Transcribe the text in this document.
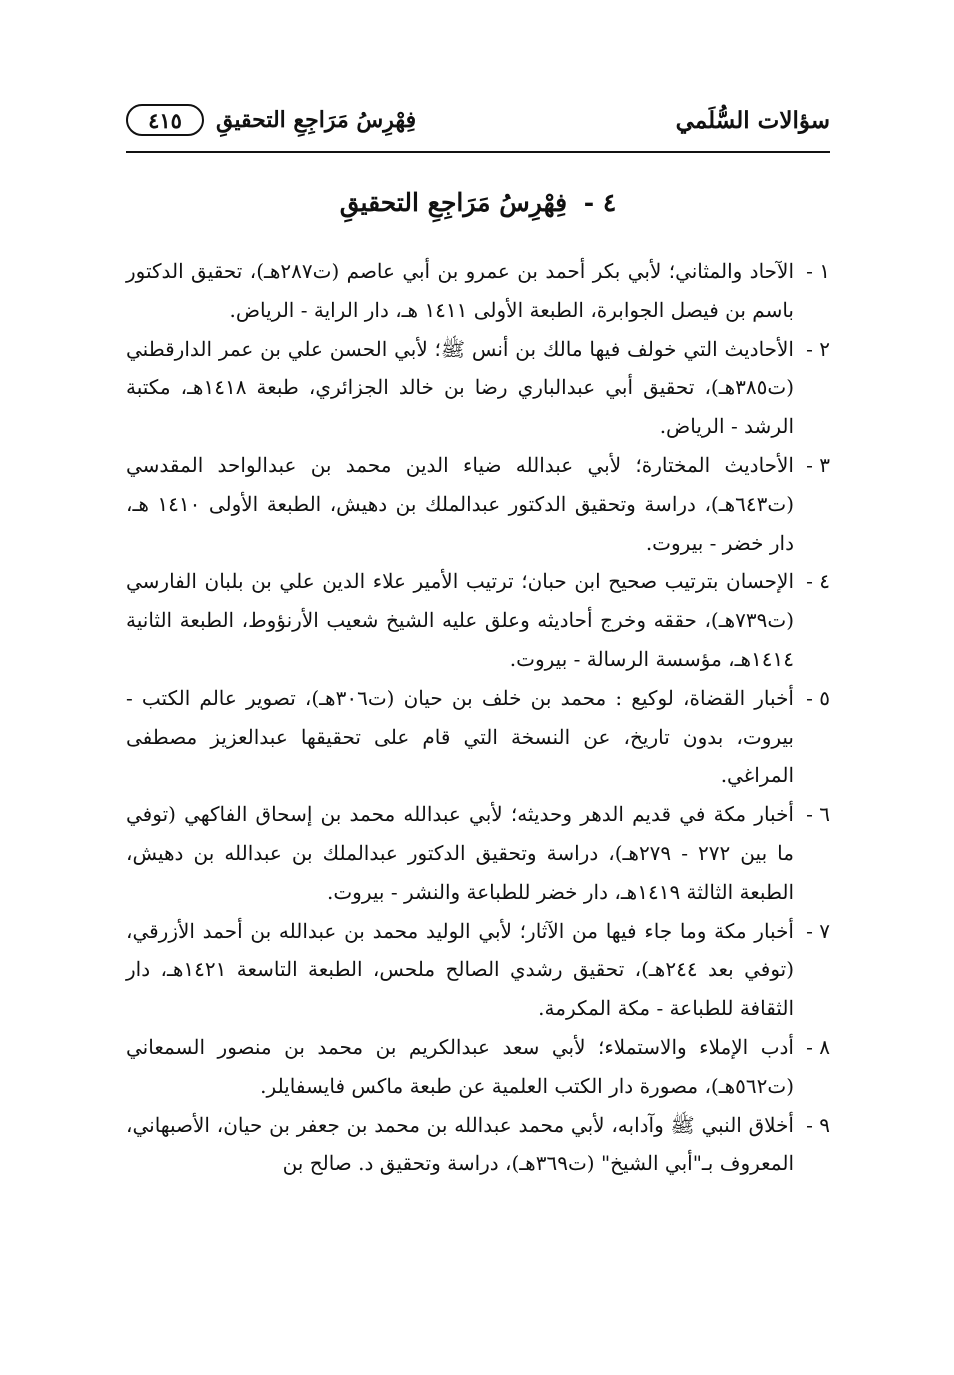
سؤالات السُّلَمي
فِهْرِسُ مَرَاجِعِ التحقيقِ
٤١٥
٤ - فِهْرِسُ مَرَاجِعِ التحقيقِ
١ -
الآحاد والمثاني؛ لأبي بكر أحمد بن عمرو بن أبي عاصم (ت٢٨٧هـ)، تحقيق الدكتور باسم بن فيصل الجوابرة، الطبعة الأولى ١٤١١ هـ، دار الراية - الرياض.
٢ -
الأحاديث التي خولف فيها مالك بن أنس ﷺ؛ لأبي الحسن علي بن عمر الدارقطني (ت٣٨٥هـ)، تحقيق أبي عبدالباري رضا بن خالد الجزائري، طبعة ١٤١٨هـ، مكتبة الرشد - الرياض.
٣ -
الأحاديث المختارة؛ لأبي عبدالله ضياء الدين محمد بن عبدالواحد المقدسي (ت٦٤٣هـ)، دراسة وتحقيق الدكتور عبدالملك بن دهيش، الطبعة الأولى ١٤١٠ هـ، دار خضر - بيروت.
٤ -
الإحسان بترتيب صحيح ابن حبان؛ ترتيب الأمير علاء الدين علي بن بلبان الفارسي (ت٧٣٩هـ)، حققه وخرج أحاديثه وعلق عليه الشيخ شعيب الأرنؤوط، الطبعة الثانية ١٤١٤هـ، مؤسسة الرسالة - بيروت.
٥ -
أخبار القضاة، لوكيع : محمد بن خلف بن حيان (ت٣٠٦هـ)، تصوير عالم الكتب - بيروت، بدون تاريخ، عن النسخة التي قام على تحقيقها عبدالعزيز مصطفى المراغي.
٦ -
أخبار مكة في قديم الدهر وحديثه؛ لأبي عبدالله محمد بن إسحاق الفاكهي (توفي ما بين ٢٧٢ - ٢٧٩هـ)، دراسة وتحقيق الدكتور عبدالملك بن عبدالله بن دهيش، الطبعة الثالثة ١٤١٩هـ، دار خضر للطباعة والنشر - بيروت.
٧ -
أخبار مكة وما جاء فيها من الآثار؛ لأبي الوليد محمد بن عبدالله بن أحمد الأزرقي، (توفي بعد ٢٤٤هـ)، تحقيق رشدي الصالح ملحس، الطبعة التاسعة ١٤٢١هـ، دار الثقافة للطباعة - مكة المكرمة.
٨ -
أدب الإملاء والاستملاء؛ لأبي سعد عبدالكريم بن محمد بن منصور السمعاني (ت٥٦٢هـ)، مصورة دار الكتب العلمية عن طبعة ماكس فايسفايلر.
٩ -
أخلاق النبي ﷺ وآدابه، لأبي محمد عبدالله بن محمد بن جعفر بن حيان، الأصبهاني، المعروف بـ"أبي الشيخ" (ت٣٦٩هـ)، دراسة وتحقيق د. صالح بن
